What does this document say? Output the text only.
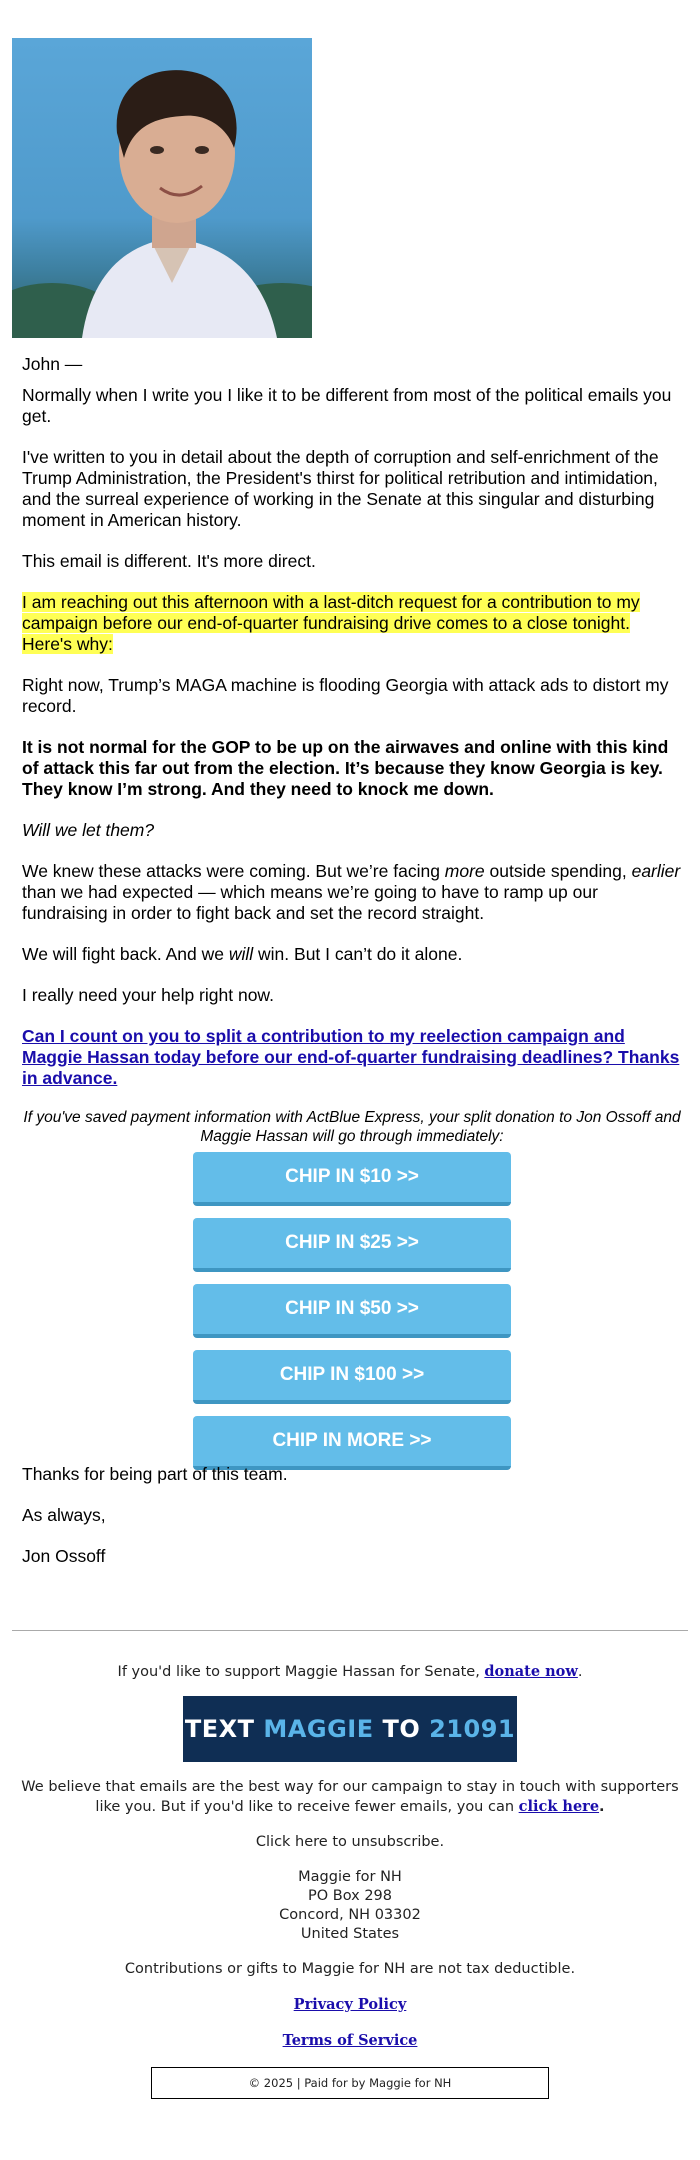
John —

Normally when I write you I like it to be different from most of the political emails you get.

I've written to you in detail about the depth of corruption and self-enrichment of the Trump Administration, the President's thirst for political retribution and intimidation, and the surreal experience of working in the Senate at this singular and disturbing moment in American history.

This email is different. It's more direct.

I am reaching out this afternoon with a last-ditch request for a contribution to my campaign before our end-of-quarter fundraising drive comes to a close tonight. Here's why:

Right now, Trump’s MAGA machine is flooding Georgia with attack ads to distort my record.

It is not normal for the GOP to be up on the airwaves and online with this kind of attack this far out from the election. It’s because they know Georgia is key. They know I’m strong. And they need to knock me down.

Will we let them?

We knew these attacks were coming. But we’re facing more outside spending, earlier than we had expected — which means we’re going to have to ramp up our fundraising in order to fight back and set the record straight.

We will fight back. And we will win. But I can’t do it alone.

I really need your help right now.

Can I count on you to split a contribution to my reelection campaign and Maggie Hassan today before our end-of-quarter fundraising deadlines? Thanks in advance.

If you've saved payment information with ActBlue Express, your split donation to Jon Ossoff and Maggie Hassan will go through immediately:
CHIP IN $10 >>
CHIP IN $25 >>
CHIP IN $50 >>
CHIP IN $100 >>
CHIP IN MORE >>

Thanks for being part of this team.

As always,

Jon Ossoff

If you'd like to support Maggie Hassan for Senate, donate now.

TEXT MAGGIE TO 21091

We believe that emails are the best way for our campaign to stay in touch with supporters like you. But if you'd like to receive fewer emails, you can click here.

Click here to unsubscribe.

Maggie for NH
PO Box 298
Concord, NH 03302
United States

Contributions or gifts to Maggie for NH are not tax deductible.

Privacy Policy

Terms of Service

© 2025 | Paid for by Maggie for NH
